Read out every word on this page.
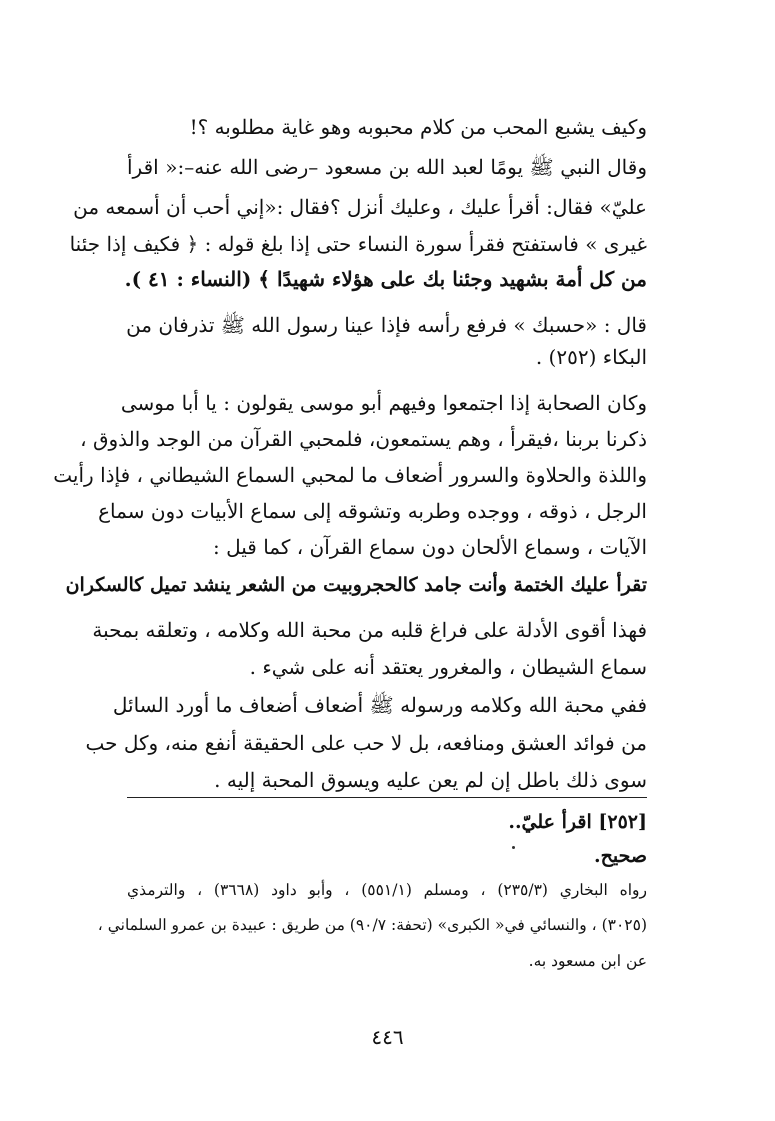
وكيف يشبع المحب من كلام محبوبه وهو غاية مطلوبه ؟!
وقال النبي ﷺ يومًا لعبد الله بن مسعود –رضى الله عنه–:« اقرأ
عليّ» فقال: أقرأ عليك ، وعليك أنزل ؟فقال :«إني أحب أن أسمعه من
غيرى » فاستفتح فقرأ سورة النساء حتى إذا بلغ قوله : ﴿ فكيف إذا جئنا
من كل أمة بشهيد وجئنا بك على هؤلاء شهيدًا ﴾ (النساء : ٤١ ).
قال : «حسبك » فرفع رأسه فإذا عينا رسول الله ﷺ تذرفان من
البكاء (٢٥٢) .
وكان الصحابة إذا اجتمعوا وفيهم أبو موسى يقولون : يا أبا موسى
ذكرنا بربنا ،فيقرأ ، وهم يستمعون، فلمحبي القرآن من الوجد والذوق ،
واللذة والحلاوة والسرور أضعاف ما لمحبي السماع الشيطاني ، فإذا رأيت
الرجل ، ذوقه ، ووجده وطربه وتشوقه إلى سماع الأبيات دون سماع
الآيات ، وسماع الألحان دون سماع القرآن ، كما قيل :
تقرأ عليك الختمة وأنت جامد كالحجر
وبيت من الشعر ينشد تميل كالسكران
فهذا أقوى الأدلة على فراغ قلبه من محبة الله وكلامه ، وتعلقه بمحبة
سماع الشيطان ، والمغرور يعتقد أنه على شيء .
ففي محبة الله وكلامه ورسوله ﷺ أضعاف أضعاف ما أورد السائل
من فوائد العشق ومنافعه، بل لا حب على الحقيقة أنفع منه، وكل حب
سوى ذلك باطل إن لم يعن عليه ويسوق المحبة إليه .
[٢٥٢] اقرأ عليّ..
صحيح.
رواه البخاري (٢٣٥/٣) ، ومسلم (٥٥١/١) ، وأبو داود (٣٦٦٨) ، والترمذي
(٣٠٢٥) ، والنسائي في« الكبرى» (تحفة: ٩٠/٧) من طريق : عبيدة بن عمرو السلماني ،
عن ابن مسعود به.
٤٤٦
